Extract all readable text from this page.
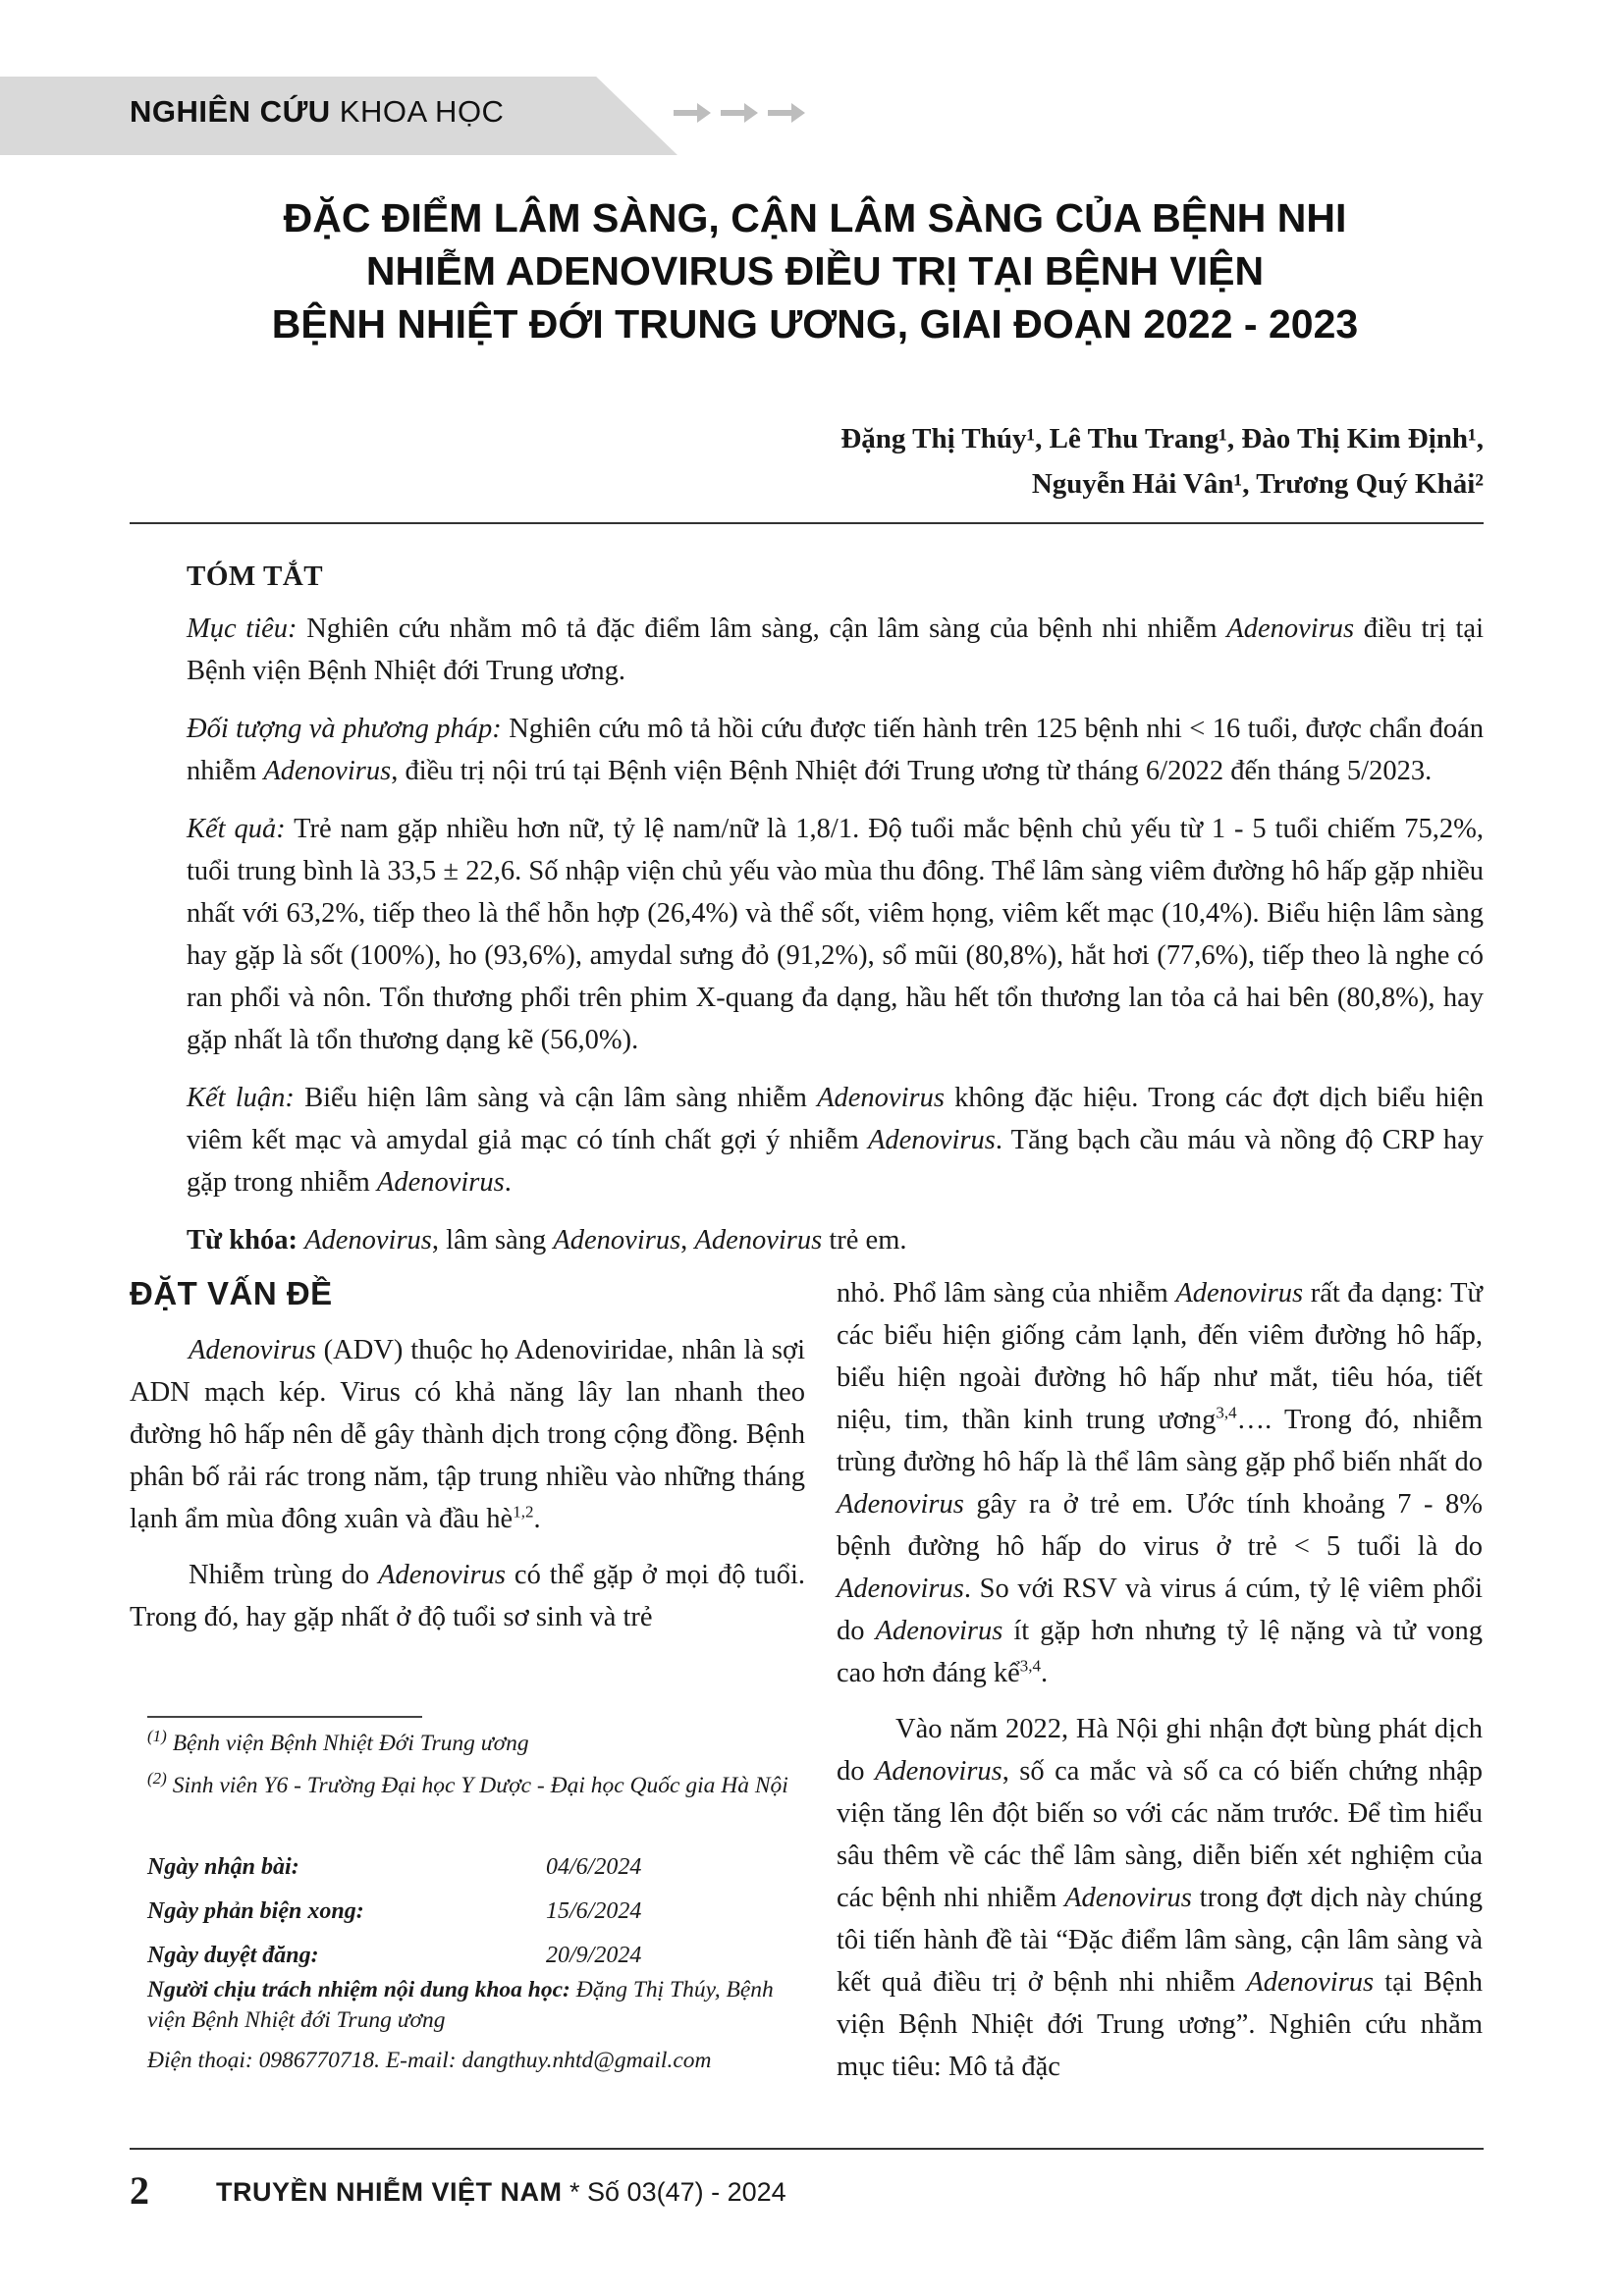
NGHIÊN CỨU KHOA HỌC
ĐẶC ĐIỂM LÂM SÀNG, CẬN LÂM SÀNG CỦA BỆNH NHI
NHIỄM ADENOVIRUS ĐIỀU TRỊ TẠI BỆNH VIỆN
BỆNH NHIỆT ĐỚI TRUNG ƯƠNG, GIAI ĐOẠN 2022 - 2023
Đặng Thị Thúy¹, Lê Thu Trang¹, Đào Thị Kim Định¹,
Nguyễn Hải Vân¹, Trương Quý Khải²
TÓM TẮT

Mục tiêu: Nghiên cứu nhằm mô tả đặc điểm lâm sàng, cận lâm sàng của bệnh nhi nhiễm Adenovirus điều trị tại Bệnh viện Bệnh Nhiệt đới Trung ương.

Đối tượng và phương pháp: Nghiên cứu mô tả hồi cứu được tiến hành trên 125 bệnh nhi < 16 tuổi, được chẩn đoán nhiễm Adenovirus, điều trị nội trú tại Bệnh viện Bệnh Nhiệt đới Trung ương từ tháng 6/2022 đến tháng 5/2023.

Kết quả: Trẻ nam gặp nhiều hơn nữ, tỷ lệ nam/nữ là 1,8/1. Độ tuổi mắc bệnh chủ yếu từ 1 - 5 tuổi chiếm 75,2%, tuổi trung bình là 33,5 ± 22,6. Số nhập viện chủ yếu vào mùa thu đông. Thể lâm sàng viêm đường hô hấp gặp nhiều nhất với 63,2%, tiếp theo là thể hỗn hợp (26,4%) và thể sốt, viêm họng, viêm kết mạc (10,4%). Biểu hiện lâm sàng hay gặp là sốt (100%), ho (93,6%), amydal sưng đỏ (91,2%), sổ mũi (80,8%), hắt hơi (77,6%), tiếp theo là nghe có ran phổi và nôn. Tổn thương phổi trên phim X-quang đa dạng, hầu hết tổn thương lan tỏa cả hai bên (80,8%), hay gặp nhất là tổn thương dạng kẽ (56,0%).

Kết luận: Biểu hiện lâm sàng và cận lâm sàng nhiễm Adenovirus không đặc hiệu. Trong các đợt dịch biểu hiện viêm kết mạc và amydal giả mạc có tính chất gợi ý nhiễm Adenovirus. Tăng bạch cầu máu và nồng độ CRP hay gặp trong nhiễm Adenovirus.

Từ khóa: Adenovirus, lâm sàng Adenovirus, Adenovirus trẻ em.

ĐẶT VẤN ĐỀ

Adenovirus (ADV) thuộc họ Adenoviridae, nhân là sợi ADN mạch kép. Virus có khả năng lây lan nhanh theo đường hô hấp nên dễ gây thành dịch trong cộng đồng. Bệnh phân bố rải rác trong năm, tập trung nhiều vào những tháng lạnh ẩm mùa đông xuân và đầu hè$^{1,2}$.

Nhiễm trùng do Adenovirus có thể gặp ở mọi độ tuổi. Trong đó, hay gặp nhất ở độ tuổi sơ sinh và trẻ

$^{(1)}$ Bệnh viện Bệnh Nhiệt Đới Trung ương

$^{(2)}$ Sinh viên Y6 - Trường Đại học Y Dược - Đại học Quốc gia Hà Nội

Ngày nhận bài:	04/6/2024
Ngày phản biện xong:	15/6/2024
Ngày duyệt đăng:	20/9/2024

Người chịu trách nhiệm nội dung khoa học: Đặng Thị Thúy, Bệnh viện Bệnh Nhiệt đới Trung ương

Điện thoại: 0986770718. E-mail: dangthuy.nhtd@gmail.com

nhỏ. Phổ lâm sàng của nhiễm Adenovirus rất đa dạng: Từ các biểu hiện giống cảm lạnh, đến viêm đường hô hấp, biểu hiện ngoài đường hô hấp như mắt, tiêu hóa, tiết niệu, tim, thần kinh trung ương$^{3,4}$…. Trong đó, nhiễm trùng đường hô hấp là thể lâm sàng gặp phổ biến nhất do Adenovirus gây ra ở trẻ em. Ước tính khoảng 7 - 8% bệnh đường hô hấp do virus ở trẻ < 5 tuổi là do Adenovirus. So với RSV và virus á cúm, tỷ lệ viêm phổi do Adenovirus ít gặp hơn nhưng tỷ lệ nặng và tử vong cao hơn đáng kể$^{3,4}$.

Vào năm 2022, Hà Nội ghi nhận đợt bùng phát dịch do Adenovirus, số ca mắc và số ca có biến chứng nhập viện tăng lên đột biến so với các năm trước. Để tìm hiểu sâu thêm về các thể lâm sàng, diễn biến xét nghiệm của các bệnh nhi nhiễm Adenovirus trong đợt dịch này chúng tôi tiến hành đề tài “Đặc điểm lâm sàng, cận lâm sàng và kết quả điều trị ở bệnh nhi nhiễm Adenovirus tại Bệnh viện Bệnh Nhiệt đới Trung ương”. Nghiên cứu nhằm mục tiêu: Mô tả đặc

2	TRUYỀN NHIỄM VIỆT NAM * Số 03(47) - 2024
